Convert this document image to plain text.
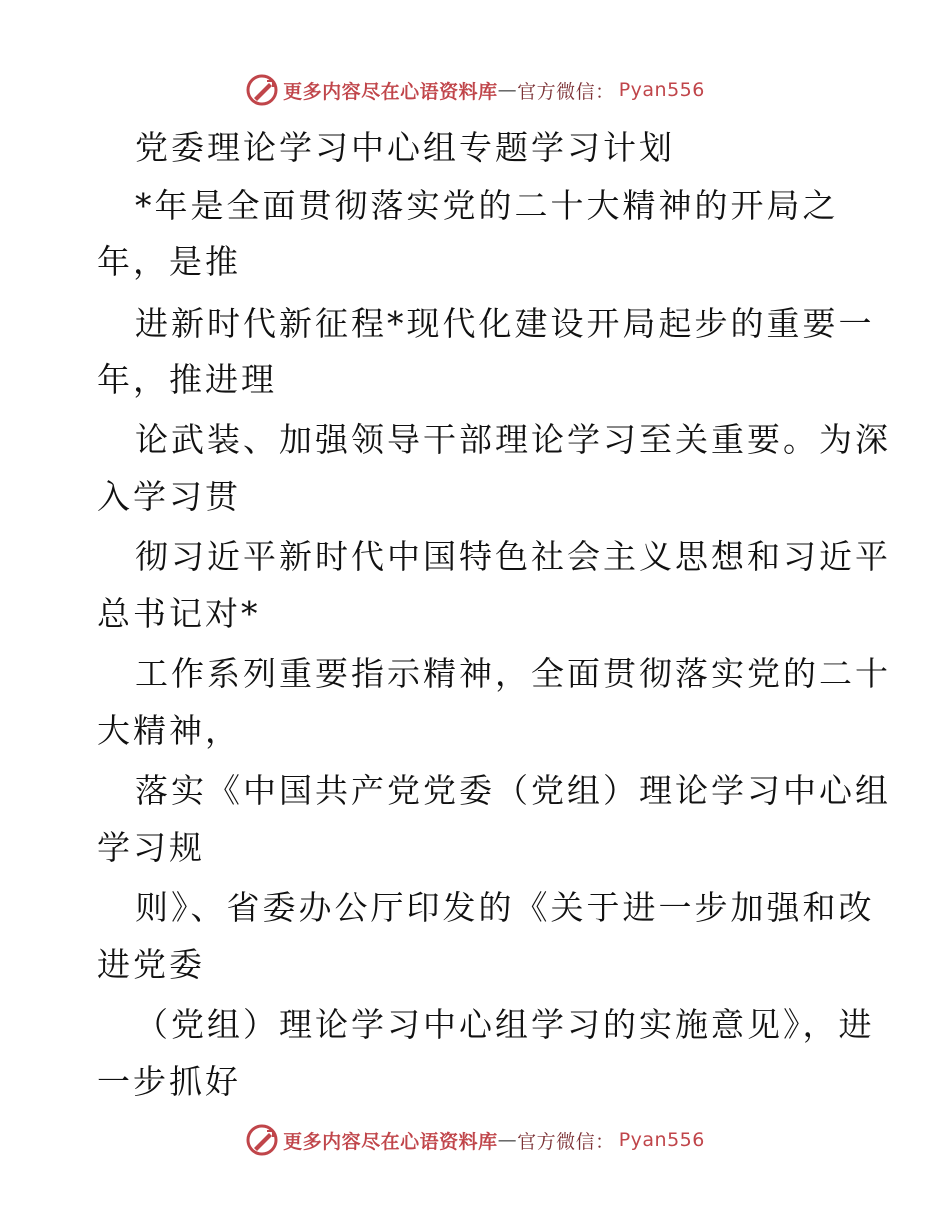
更多内容尽在心语资料库 — 官方微信： Pyan556
党委理论学习中心组专题学习计划
*年是全面贯彻落实党的二十大精神的开局之
年，是推
进新时代新征程*现代化建设开局起步的重要一
年，推进理
论武装、加强领导干部理论学习至关重要。为深
入学习贯
彻习近平新时代中国特色社会主义思想和习近平
总书记对*
工作系列重要指示精神，全面贯彻落实党的二十
大精神，
落实《中国共产党党委（党组）理论学习中心组
学习规
则》、省委办公厅印发的《关于进一步加强和改
进党委
（党组）理论学习中心组学习的实施意见》，进
一步抓好
更多内容尽在心语资料库 — 官方微信： Pyan556
